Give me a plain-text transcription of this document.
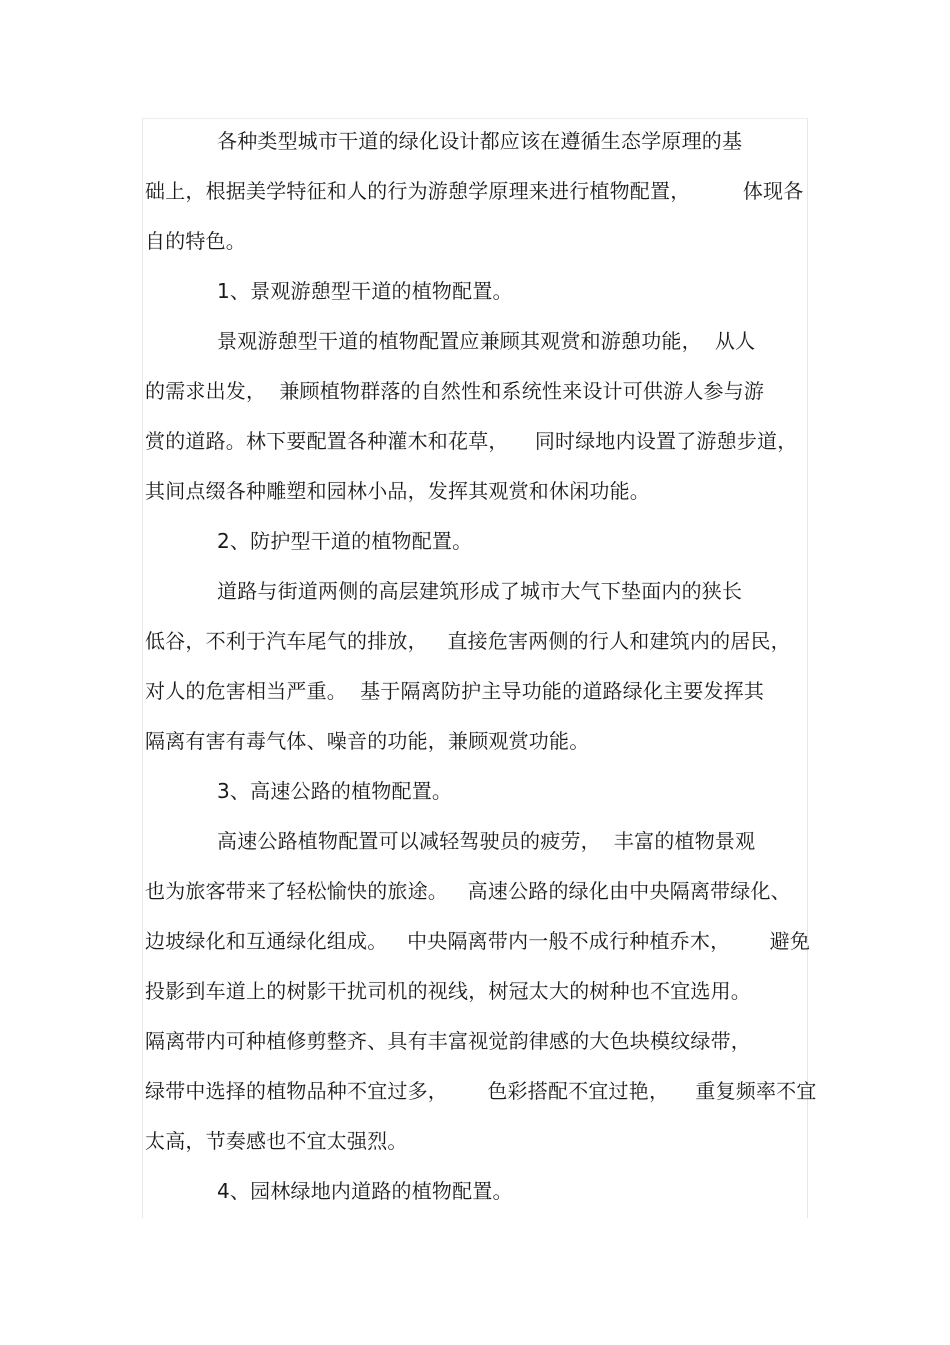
各种类型城市干道的绿化设计都应该在遵循生态学原理的基
础上，根据美学特征和人的行为游憩学原理来进行植物配置，        体现各
自的特色。
1、景观游憩型干道的植物配置。
景观游憩型干道的植物配置应兼顾其观赏和游憩功能，  从人
的需求出发，  兼顾植物群落的自然性和系统性来设计可供游人参与游
赏的道路。林下要配置各种灌木和花草，    同时绿地内设置了游憩步道，
其间点缀各种雕塑和园林小品，发挥其观赏和休闲功能。
2、防护型干道的植物配置。
道路与街道两侧的高层建筑形成了城市大气下垫面内的狭长
低谷，不利于汽车尾气的排放，   直接危害两侧的行人和建筑内的居民，
对人的危害相当严重。  基于隔离防护主导功能的道路绿化主要发挥其
隔离有害有毒气体、噪音的功能，兼顾观赏功能。
3、高速公路的植物配置。
高速公路植物配置可以减轻驾驶员的疲劳，  丰富的植物景观
也为旅客带来了轻松愉快的旅途。   高速公路的绿化由中央隔离带绿化、
边坡绿化和互通绿化组成。   中央隔离带内一般不成行种植乔木，      避免
投影到车道上的树影干扰司机的视线，树冠太大的树种也不宜选用。
隔离带内可种植修剪整齐、具有丰富视觉韵律感的大色块模纹绿带，
绿带中选择的植物品种不宜过多，      色彩搭配不宜过艳，    重复频率不宜
太高，节奏感也不宜太强烈。
4、园林绿地内道路的植物配置。
